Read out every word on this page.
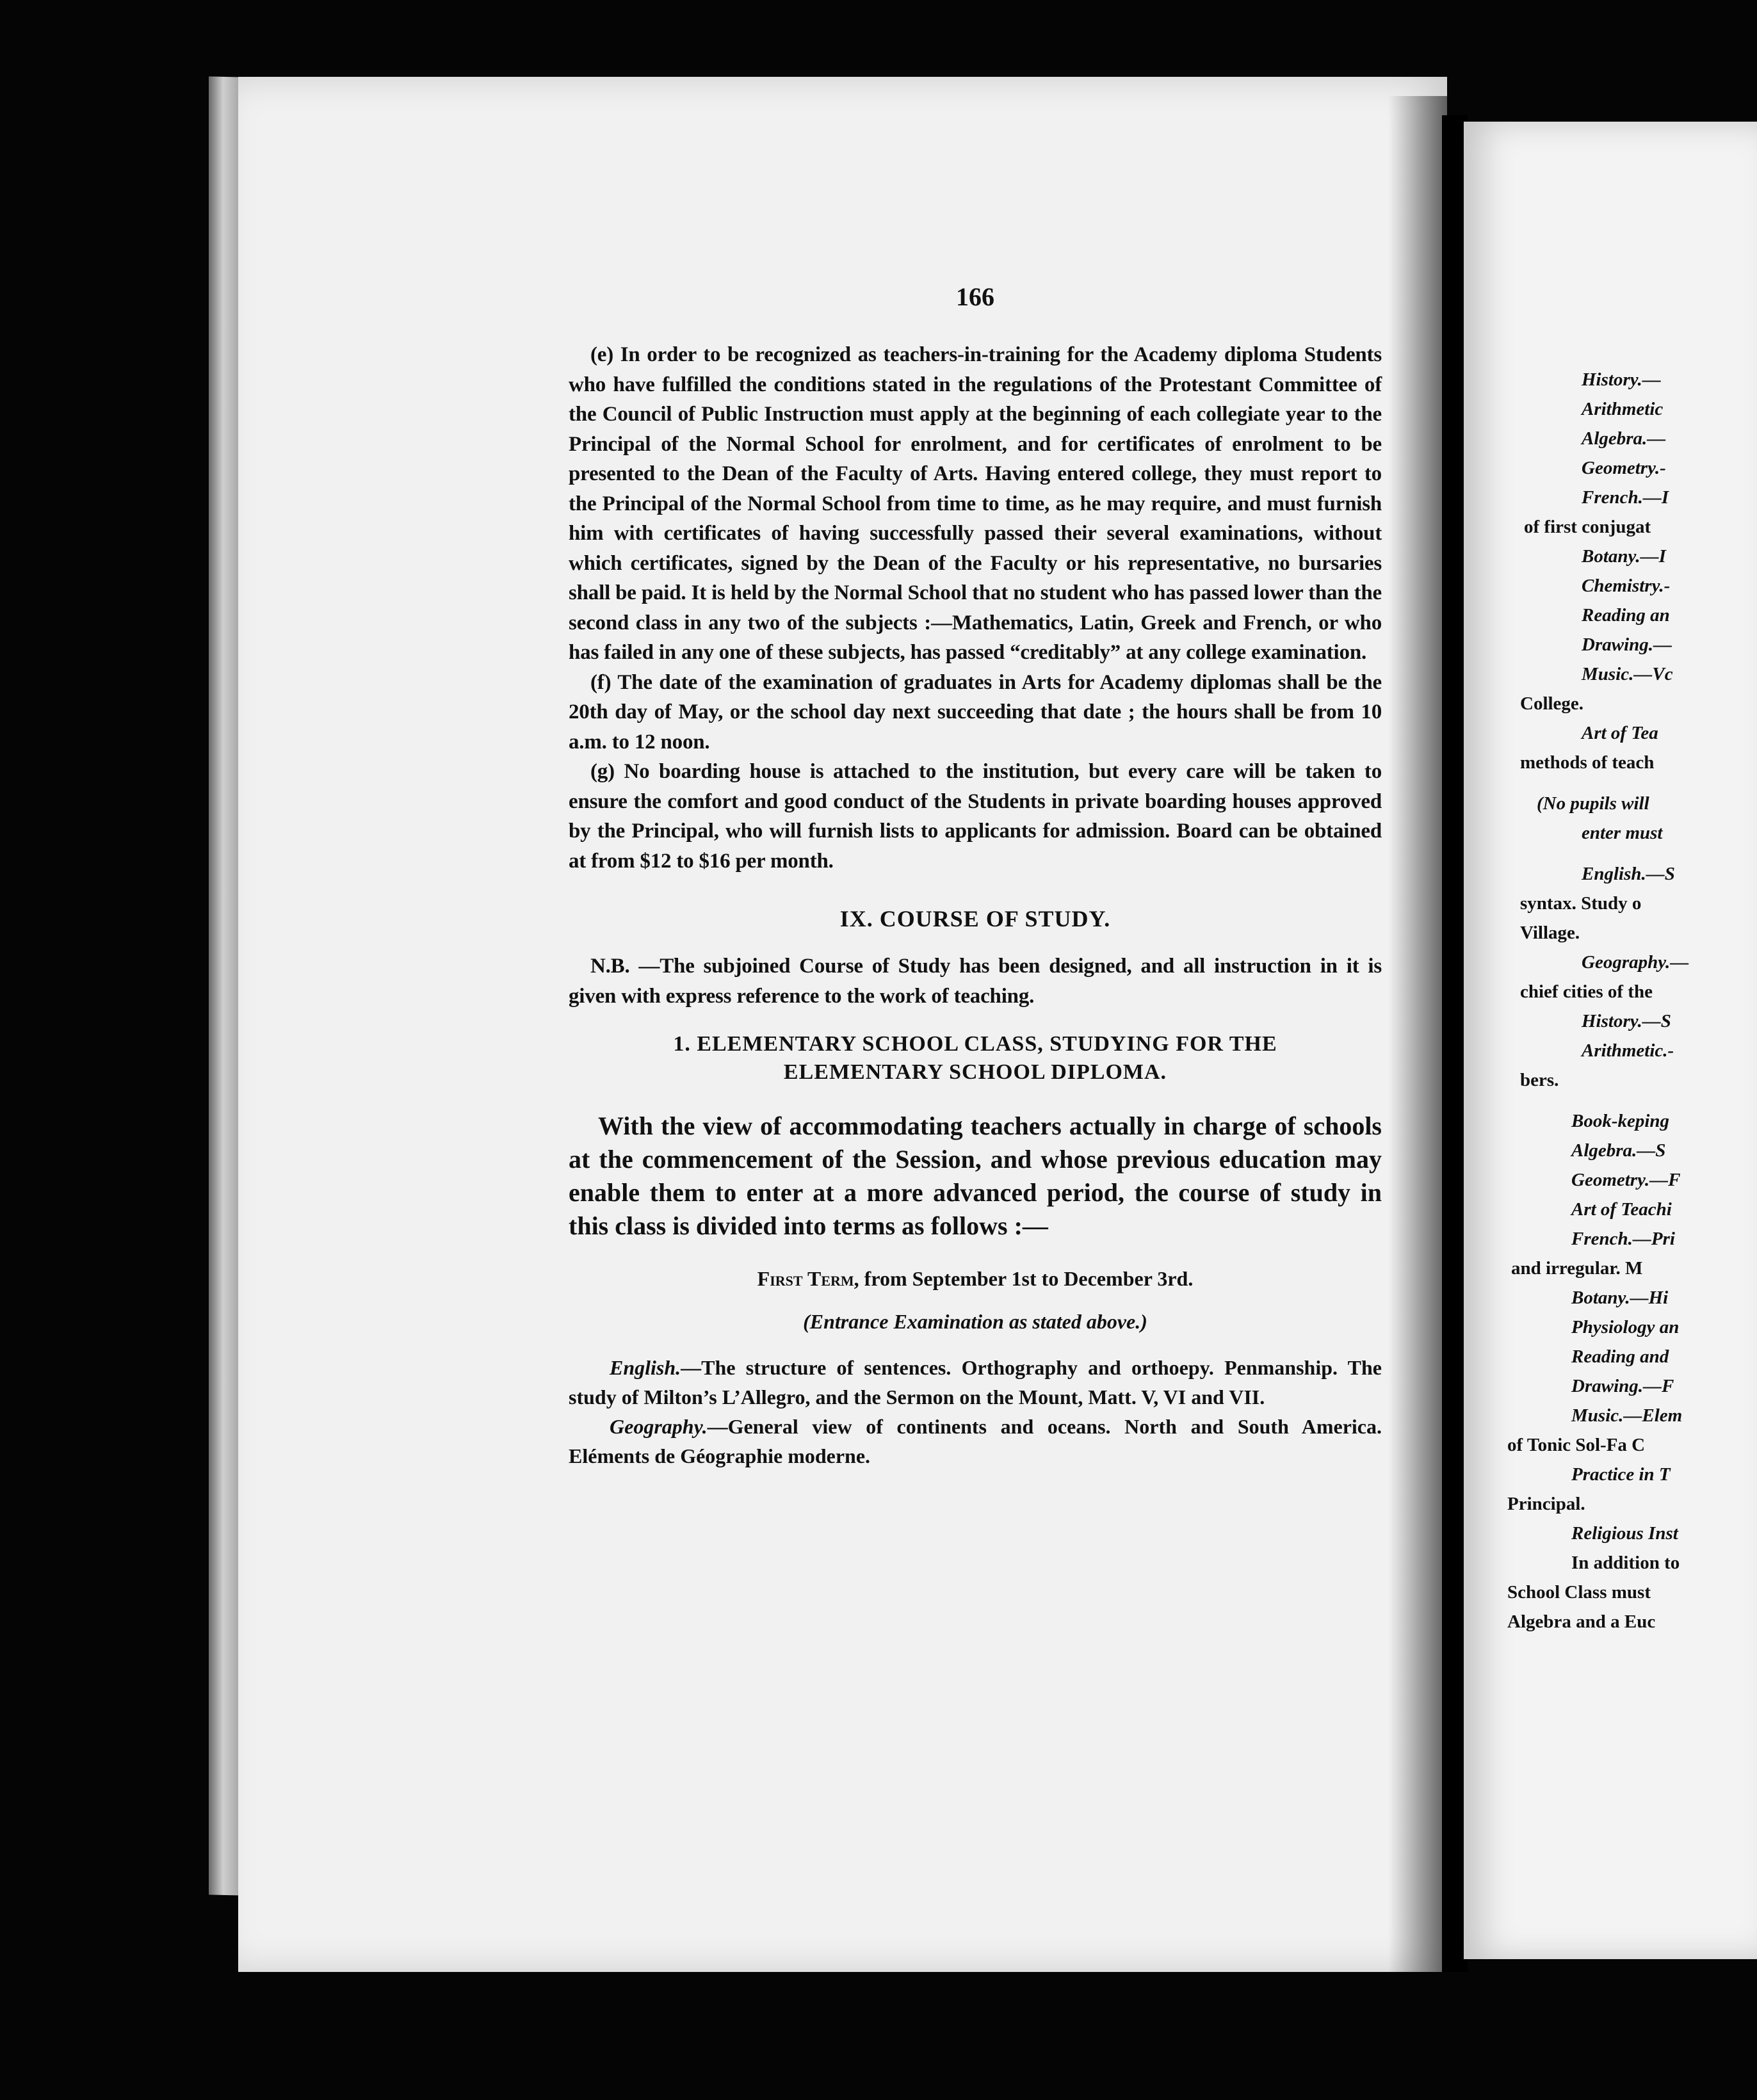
166

(e) In order to be recognized as teachers-in-training for the Academy diploma Students who have fulfilled the conditions stated in the regulations of the Protestant Committee of the Council of Public Instruction must apply at the beginning of each collegiate year to the Principal of the Normal School for enrolment, and for certificates of enrolment to be presented to the Dean of the Faculty of Arts. Having entered college, they must report to the Principal of the Normal School from time to time, as he may require, and must furnish him with certificates of having successfully passed their several examinations, without which certificates, signed by the Dean of the Faculty or his representative, no bursaries shall be paid. It is held by the Normal School that no student who has passed lower than the second class in any two of the subjects :—Mathematics, Latin, Greek and French, or who has failed in any one of these subjects, has passed “creditably” at any college examination.

(f) The date of the examination of graduates in Arts for Academy diplomas shall be the 20th day of May, or the school day next succeeding that date ; the hours shall be from 10 a.m. to 12 noon.

(g) No boarding house is attached to the institution, but every care will be taken to ensure the comfort and good conduct of the Students in private boarding houses approved by the Principal, who will furnish lists to applicants for admission. Board can be obtained at from $12 to $16 per month.

IX. COURSE OF STUDY.

N.B. —The subjoined Course of Study has been designed, and all instruction in it is given with express reference to the work of teaching.

1. ELEMENTARY SCHOOL CLASS, STUDYING FOR THE
ELEMENTARY SCHOOL DIPLOMA.

With the view of accommodating teachers actually in charge of schools at the commencement of the Session, and whose previous education may enable them to enter at a more advanced period, the course of study in this class is divided into terms as follows :—

First Term, from September 1st to December 3rd.
(Entrance Examination as stated above.)

English.—The structure of sentences. Orthography and orthoepy. Penmanship. The study of Milton’s L’Allegro, and the Sermon on the Mount, Matt. V, VI and VII.

Geography.—General view of continents and oceans. North and South America. Eléments de Géographie moderne.

History.—
Arithmetic
Algebra.—
Geometry.-
French.—I
of first conjugat
Botany.—I
Chemistry.-
Reading an
Drawing.—
Music.—Vc
College.
Art of Tea
methods of teach
(No pupils will
enter must
English.—S
syntax. Study o
Village.
Geography.—
chief cities of the
History.—S
Arithmetic.-
bers.
Book-keping
Algebra.—S
Geometry.—F
Art of Teachi
French.—Pri
and irregular. M
Botany.—Hi
Physiology an
Reading and
Drawing.—F
Music.—Elem
of Tonic Sol-Fa C
Practice in T
Principal.
Religious Inst
In addition to
School Class must
Algebra and a Euc
